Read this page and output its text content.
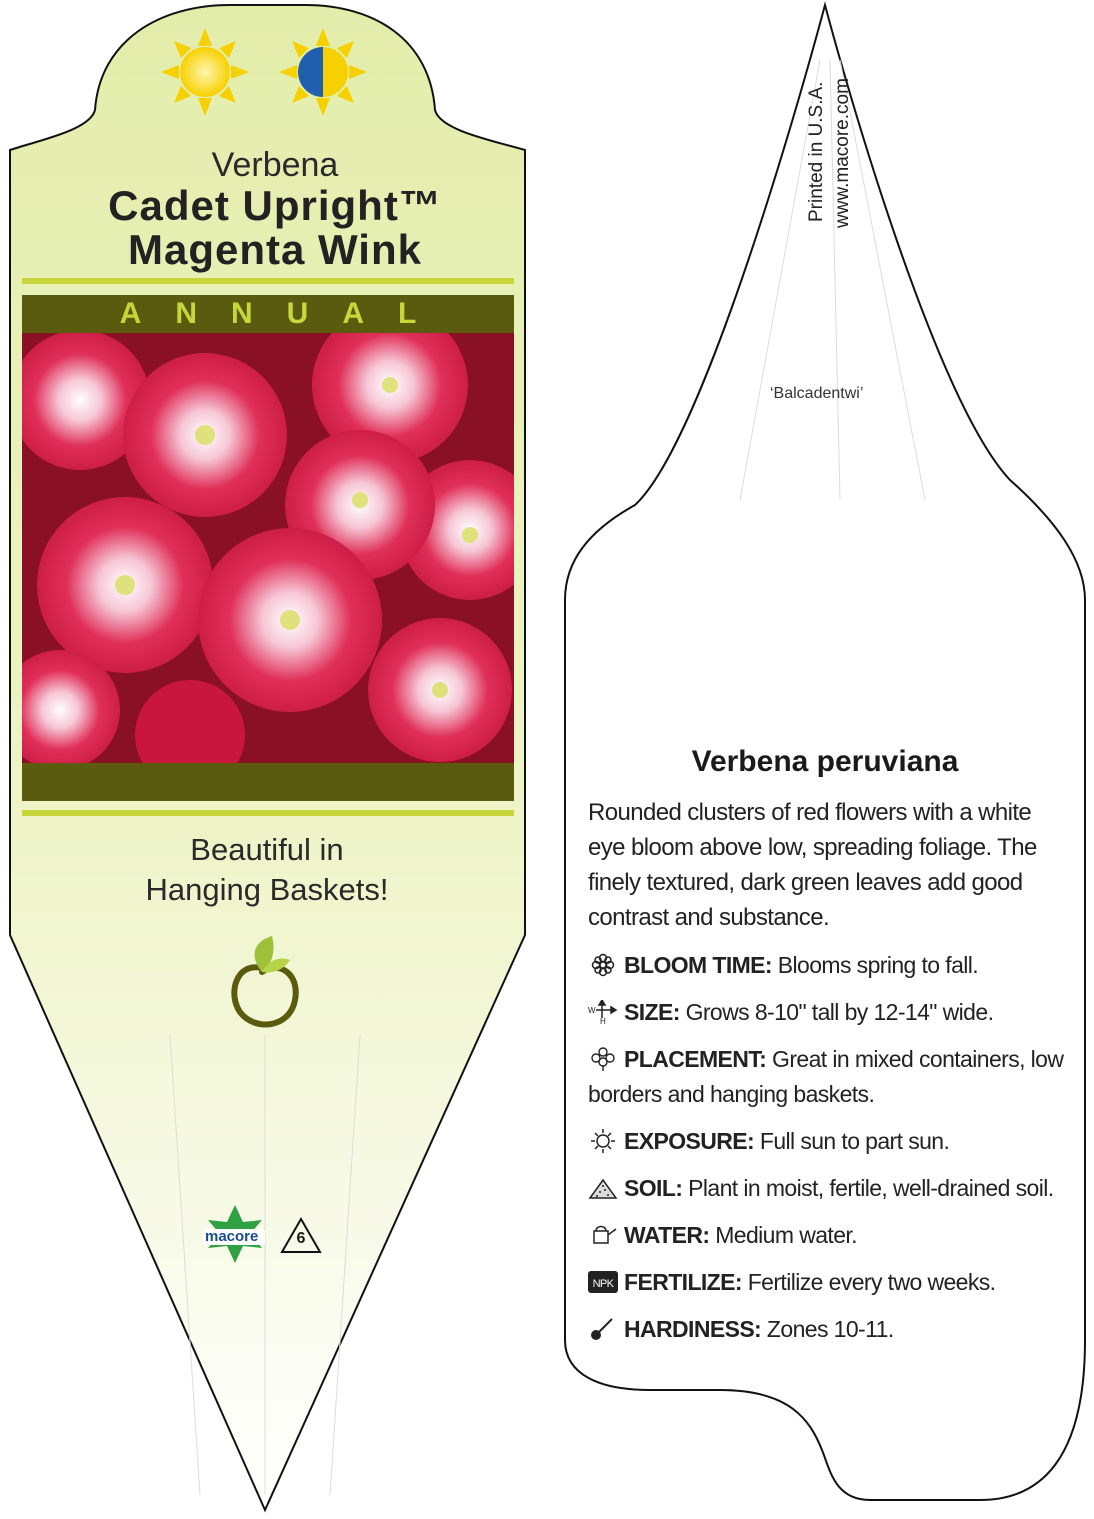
Verbena
Cadet Upright™
Magenta Wink
ANNUAL
Beautiful in
Hanging Baskets!
macore 6
Printed in U.S.A. www.macore.com
‘Balcadentwi’
Verbena peruviana
Rounded clusters of red flowers with a white eye bloom above low, spreading foliage. The finely textured, dark green leaves add good contrast and substance.
BLOOM TIME: Blooms spring to fall.
W
H SIZE: Grows 8-10" tall by 12-14" wide.
PLACEMENT: Great in mixed containers, low borders and hanging baskets.
EXPOSURE: Full sun to part sun.
SOIL: Plant in moist, fertile, well-drained soil.
WATER: Medium water.
NPK FERTILIZE: Fertilize every two weeks.
HARDINESS: Zones 10-11.
